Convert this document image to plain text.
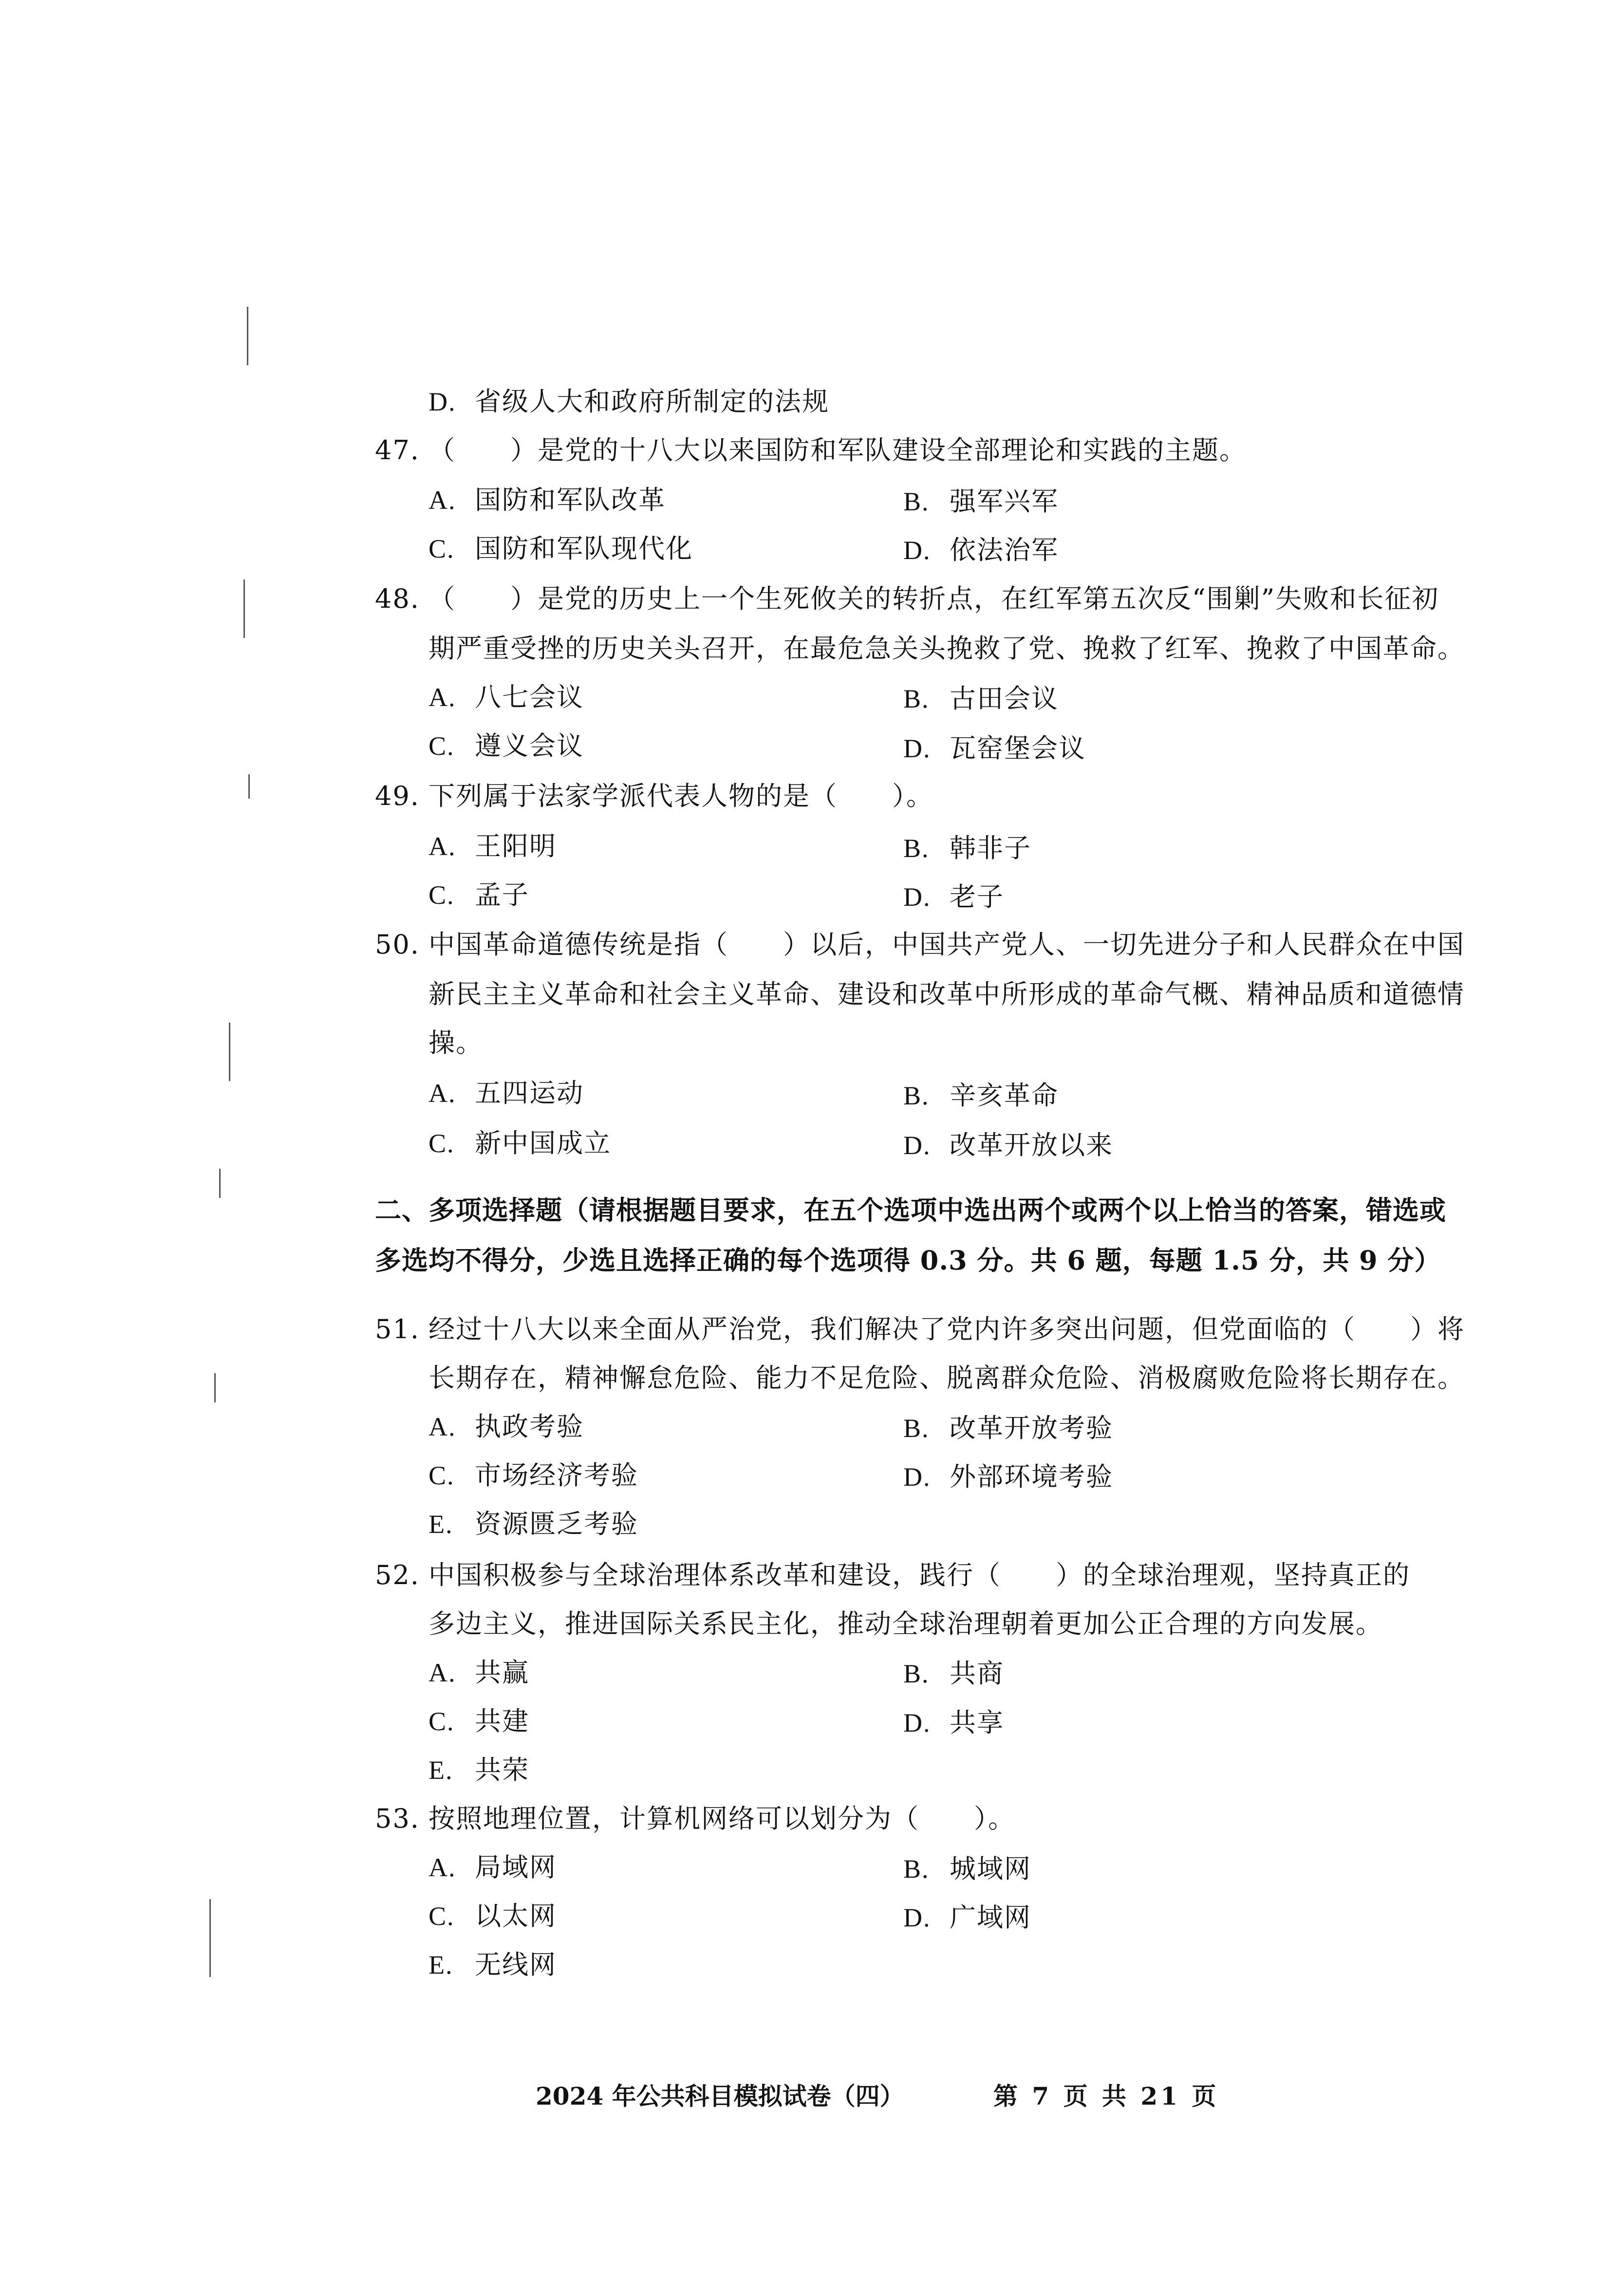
D. 省级人大和政府所制定的法规
47. （　　）是党的十八大以来国防和军队建设全部理论和实践的主题。
A. 国防和军队改革	B. 强军兴军
C. 国防和军队现代化	D. 依法治军
48. （　　）是党的历史上一个生死攸关的转折点，在红军第五次反“围剿”失败和长征初
期严重受挫的历史关头召开，在最危急关头挽救了党、挽救了红军、挽救了中国革命。
A. 八七会议	B. 古田会议
C. 遵义会议	D. 瓦窑堡会议
49. 下列属于法家学派代表人物的是（　　）。
A. 王阳明	B. 韩非子
C. 孟子	D. 老子
50. 中国革命道德传统是指（　　）以后，中国共产党人、一切先进分子和人民群众在中国
新民主主义革命和社会主义革命、建设和改革中所形成的革命气概、精神品质和道德情
操。
A. 五四运动	B. 辛亥革命
C. 新中国成立	D. 改革开放以来
二、多项选择题（请根据题目要求，在五个选项中选出两个或两个以上恰当的答案，错选或
多选均不得分，少选且选择正确的每个选项得 0.3 分。共 6 题，每题 1.5 分，共 9 分）
51. 经过十八大以来全面从严治党，我们解决了党内许多突出问题，但党面临的（　　）将
长期存在，精神懈怠危险、能力不足危险、脱离群众危险、消极腐败危险将长期存在。
A. 执政考验	B. 改革开放考验
C. 市场经济考验	D. 外部环境考验
E. 资源匮乏考验
52. 中国积极参与全球治理体系改革和建设，践行（　　）的全球治理观，坚持真正的
多边主义，推进国际关系民主化，推动全球治理朝着更加公正合理的方向发展。
A. 共赢	B. 共商
C. 共建	D. 共享
E. 共荣
53. 按照地理位置，计算机网络可以划分为（　　）。
A. 局域网	B. 城域网
C. 以太网	D. 广域网
E. 无线网
2024 年公共科目模拟试卷（四）	第 7 页 共 21 页
